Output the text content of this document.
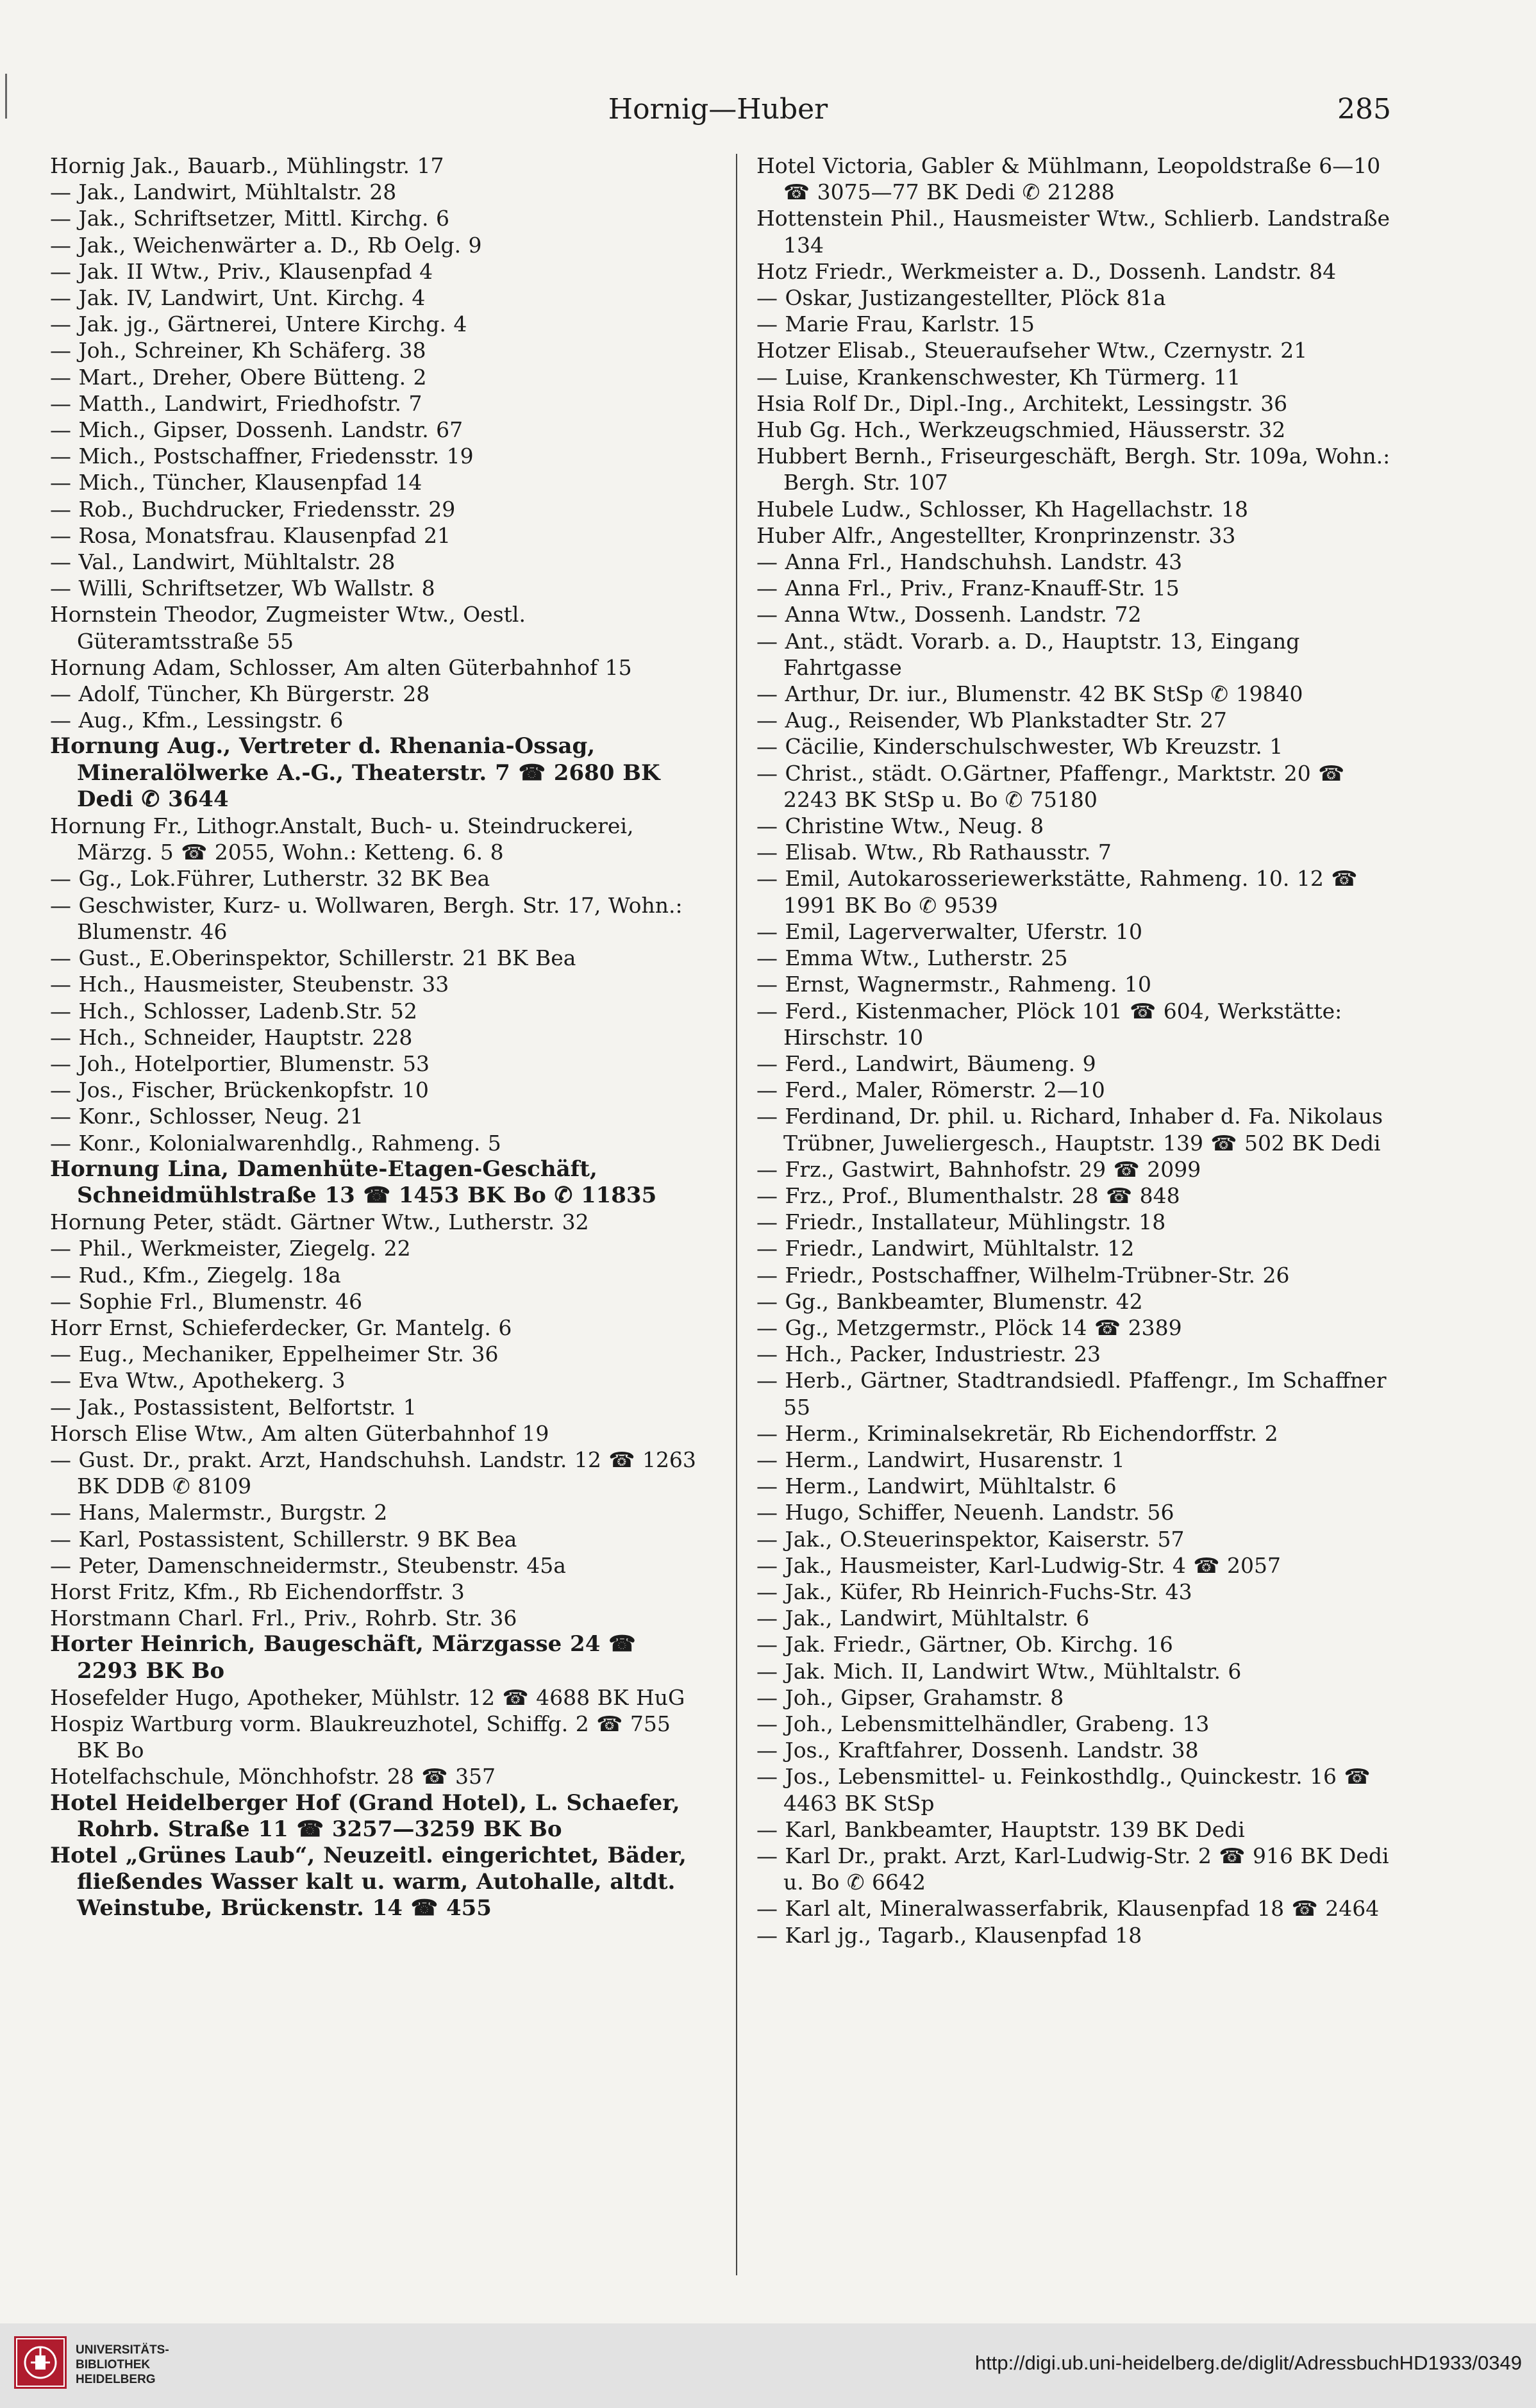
Hornig—Huber	285
Hornig Jak., Bauarb., Mühlingstr. 17
— Jak., Landwirt, Mühltalstr. 28
— Jak., Schriftsetzer, Mittl. Kirchg. 6
— Jak., Weichenwärter a. D., Rb Oelg. 9
— Jak. II Wtw., Priv., Klausenpfad 4
— Jak. IV, Landwirt, Unt. Kirchg. 4
— Jak. jg., Gärtnerei, Untere Kirchg. 4
— Joh., Schreiner, Kh Schäferg. 38
— Mart., Dreher, Obere Bütteng. 2
— Matth., Landwirt, Friedhofstr. 7
— Mich., Gipser, Dossenh. Landstr. 67
— Mich., Postschaffner, Friedensstr. 19
— Mich., Tüncher, Klausenpfad 14
— Rob., Buchdrucker, Friedensstr. 29
— Rosa, Monatsfrau. Klausenpfad 21
— Val., Landwirt, Mühltalstr. 28
— Willi, Schriftsetzer, Wb Wallstr. 8
Hornstein Theodor, Zugmeister Wtw., Oestl. Güteramtsstraße 55
Hornung Adam, Schlosser, Am alten Güterbahnhof 15
— Adolf, Tüncher, Kh Bürgerstr. 28
— Aug., Kfm., Lessingstr. 6
Hornung Aug., Vertreter d. Rhenania-Ossag, Mineralölwerke A.-G., Theaterstr. 7 ☎ 2680 BK Dedi ✆ 3644
Hornung Fr., Lithogr.Anstalt, Buch- u. Steindruckerei, Märzg. 5 ☎ 2055, Wohn.: Ketteng. 6. 8
— Gg., Lok.Führer, Lutherstr. 32 BK Bea
— Geschwister, Kurz- u. Wollwaren, Bergh. Str. 17, Wohn.: Blumenstr. 46
— Gust., E.Oberinspektor, Schillerstr. 21 BK Bea
— Hch., Hausmeister, Steubenstr. 33
— Hch., Schlosser, Ladenb.Str. 52
— Hch., Schneider, Hauptstr. 228
— Joh., Hotelportier, Blumenstr. 53
— Jos., Fischer, Brückenkopfstr. 10
— Konr., Schlosser, Neug. 21
— Konr., Kolonialwarenhdlg., Rahmeng. 5
Hornung Lina, Damenhüte-Etagen-Geschäft, Schneidmühlstraße 13 ☎ 1453 BK Bo ✆ 11835
Hornung Peter, städt. Gärtner Wtw., Lutherstr. 32
— Phil., Werkmeister, Ziegelg. 22
— Rud., Kfm., Ziegelg. 18a
— Sophie Frl., Blumenstr. 46
Horr Ernst, Schieferdecker, Gr. Mantelg. 6
— Eug., Mechaniker, Eppelheimer Str. 36
— Eva Wtw., Apothekerg. 3
— Jak., Postassistent, Belfortstr. 1
Horsch Elise Wtw., Am alten Güterbahnhof 19
— Gust. Dr., prakt. Arzt, Handschuhsh. Landstr. 12 ☎ 1263 BK DDB ✆ 8109
— Hans, Malermstr., Burgstr. 2
— Karl, Postassistent, Schillerstr. 9 BK Bea
— Peter, Damenschneidermstr., Steubenstr. 45a
Horst Fritz, Kfm., Rb Eichendorffstr. 3
Horstmann Charl. Frl., Priv., Rohrb. Str. 36
Horter Heinrich, Baugeschäft, Märzgasse 24 ☎ 2293 BK Bo
Hosefelder Hugo, Apotheker, Mühlstr. 12 ☎ 4688 BK HuG
Hospiz Wartburg vorm. Blaukreuzhotel, Schiffg. 2 ☎ 755 BK Bo
Hotelfachschule, Mönchhofstr. 28 ☎ 357
Hotel Heidelberger Hof (Grand Hotel), L. Schaefer, Rohrb. Straße 11 ☎ 3257—3259 BK Bo
Hotel „Grünes Laub“, Neuzeitl. eingerichtet, Bäder, fließendes Wasser kalt u. warm, Autohalle, altdt. Weinstube, Brückenstr. 14 ☎ 455
Hotel Victoria, Gabler & Mühlmann, Leopoldstraße 6—10 ☎ 3075—77 BK Dedi ✆ 21288
Hottenstein Phil., Hausmeister Wtw., Schlierb. Landstraße 134
Hotz Friedr., Werkmeister a. D., Dossenh. Landstr. 84
— Oskar, Justizangestellter, Plöck 81a
— Marie Frau, Karlstr. 15
Hotzer Elisab., Steueraufseher Wtw., Czernystr. 21
— Luise, Krankenschwester, Kh Türmerg. 11
Hsia Rolf Dr., Dipl.-Ing., Architekt, Lessingstr. 36
Hub Gg. Hch., Werkzeugschmied, Häusserstr. 32
Hubbert Bernh., Friseurgeschäft, Bergh. Str. 109a, Wohn.: Bergh. Str. 107
Hubele Ludw., Schlosser, Kh Hagellachstr. 18
Huber Alfr., Angestellter, Kronprinzenstr. 33
— Anna Frl., Handschuhsh. Landstr. 43
— Anna Frl., Priv., Franz-Knauff-Str. 15
— Anna Wtw., Dossenh. Landstr. 72
— Ant., städt. Vorarb. a. D., Hauptstr. 13, Eingang Fahrtgasse
— Arthur, Dr. iur., Blumenstr. 42 BK StSp ✆ 19840
— Aug., Reisender, Wb Plankstadter Str. 27
— Cäcilie, Kinderschulschwester, Wb Kreuzstr. 1
— Christ., städt. O.Gärtner, Pfaffengr., Marktstr. 20 ☎ 2243 BK StSp u. Bo ✆ 75180
— Christine Wtw., Neug. 8
— Elisab. Wtw., Rb Rathausstr. 7
— Emil, Autokarosseriewerkstätte, Rahmeng. 10. 12 ☎ 1991 BK Bo ✆ 9539
— Emil, Lagerverwalter, Uferstr. 10
— Emma Wtw., Lutherstr. 25
— Ernst, Wagnermstr., Rahmeng. 10
— Ferd., Kistenmacher, Plöck 101 ☎ 604, Werkstätte: Hirschstr. 10
— Ferd., Landwirt, Bäumeng. 9
— Ferd., Maler, Römerstr. 2—10
— Ferdinand, Dr. phil. u. Richard, Inhaber d. Fa. Nikolaus Trübner, Juweliergesch., Hauptstr. 139 ☎ 502 BK Dedi
— Frz., Gastwirt, Bahnhofstr. 29 ☎ 2099
— Frz., Prof., Blumenthalstr. 28 ☎ 848
— Friedr., Installateur, Mühlingstr. 18
— Friedr., Landwirt, Mühltalstr. 12
— Friedr., Postschaffner, Wilhelm-Trübner-Str. 26
— Gg., Bankbeamter, Blumenstr. 42
— Gg., Metzgermstr., Plöck 14 ☎ 2389
— Hch., Packer, Industriestr. 23
— Herb., Gärtner, Stadtrandsiedl. Pfaffengr., Im Schaffner 55
— Herm., Kriminalsekretär, Rb Eichendorffstr. 2
— Herm., Landwirt, Husarenstr. 1
— Herm., Landwirt, Mühltalstr. 6
— Hugo, Schiffer, Neuenh. Landstr. 56
— Jak., O.Steuerinspektor, Kaiserstr. 57
— Jak., Hausmeister, Karl-Ludwig-Str. 4 ☎ 2057
— Jak., Küfer, Rb Heinrich-Fuchs-Str. 43
— Jak., Landwirt, Mühltalstr. 6
— Jak. Friedr., Gärtner, Ob. Kirchg. 16
— Jak. Mich. II, Landwirt Wtw., Mühltalstr. 6
— Joh., Gipser, Grahamstr. 8
— Joh., Lebensmittelhändler, Grabeng. 13
— Jos., Kraftfahrer, Dossenh. Landstr. 38
— Jos., Lebensmittel- u. Feinkosthdlg., Quinckestr. 16 ☎ 4463 BK StSp
— Karl, Bankbeamter, Hauptstr. 139 BK Dedi
— Karl Dr., prakt. Arzt, Karl-Ludwig-Str. 2 ☎ 916 BK Dedi u. Bo ✆ 6642
— Karl alt, Mineralwasserfabrik, Klausenpfad 18 ☎ 2464
— Karl jg., Tagarb., Klausenpfad 18
UNIVERSITÄTS-
BIBLIOTHEK
HEIDELBERG
http://digi.ub.uni-heidelberg.de/diglit/AdressbuchHD1933/0349
